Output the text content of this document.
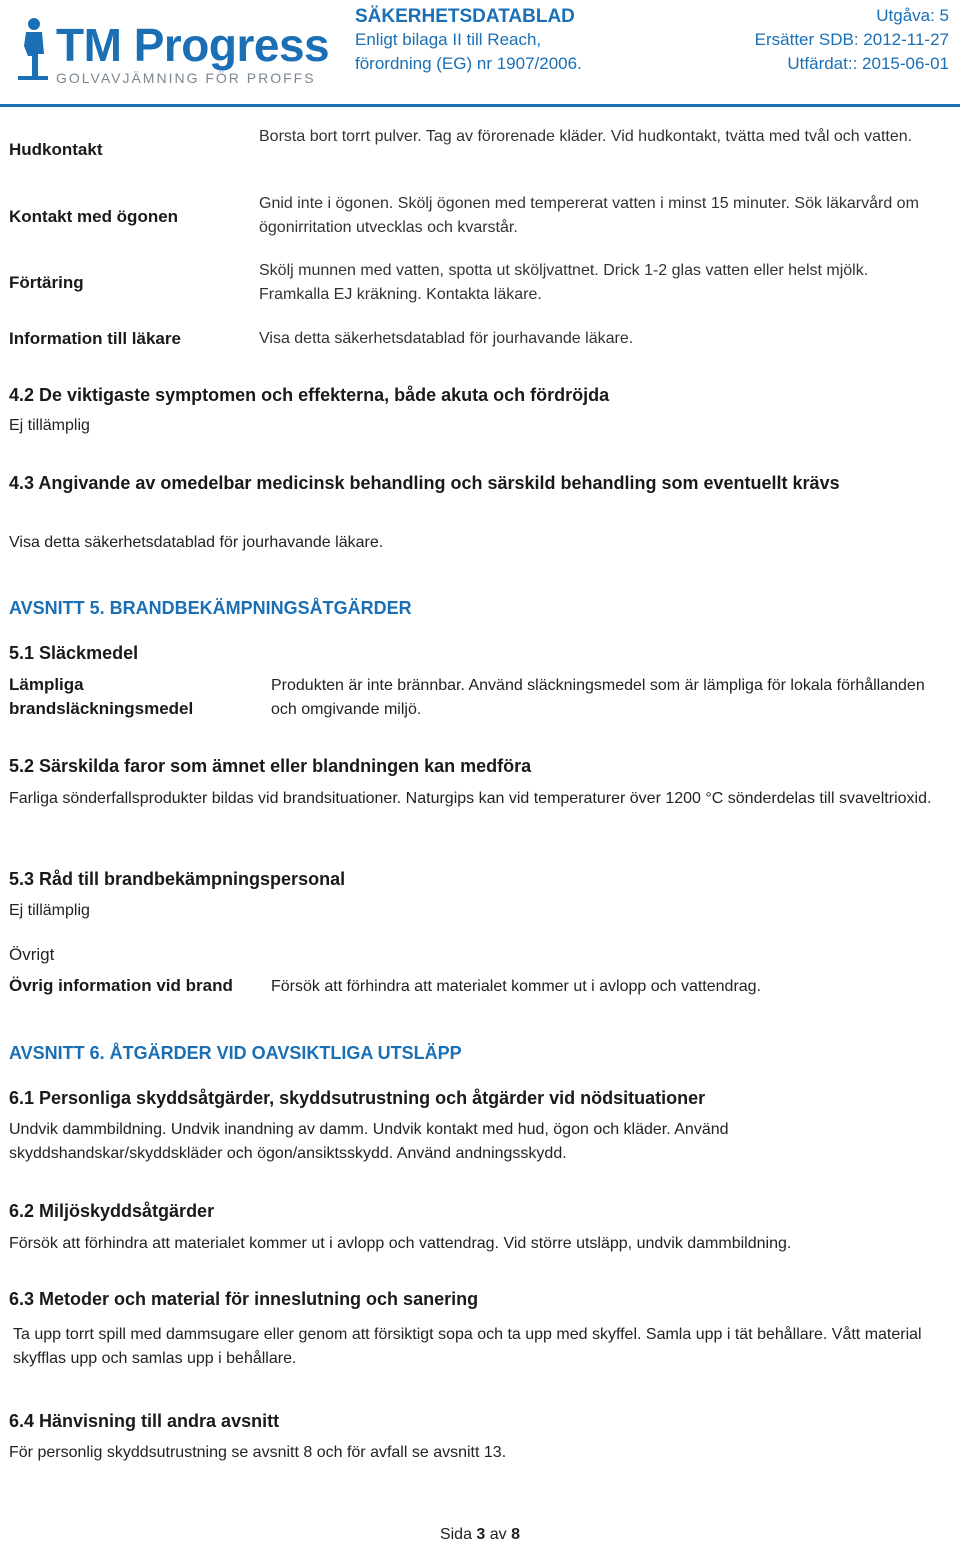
TM Progress
GOLVAVJÄMNING FÖR PROFFS
SÄKERHETSDATABLAD
Enligt bilaga II till Reach,
förordning (EG) nr 1907/2006.
Utgåva: 5
Ersätter SDB: 2012-11-27
Utfärdat:: 2015-06-01
Hudkontakt
Borsta bort torrt pulver. Tag av förorenade kläder. Vid hudkontakt, tvätta med tvål och vatten.
Kontakt med ögonen
Gnid inte i ögonen. Skölj ögonen med tempererat vatten i minst 15 minuter. Sök läkarvård om ögonirritation utvecklas och kvarstår.
Förtäring
Skölj munnen med vatten, spotta ut sköljvattnet. Drick 1-2 glas vatten eller helst mjölk. Framkalla EJ kräkning. Kontakta läkare.
Information till läkare	Visa detta säkerhetsdatablad för jourhavande läkare.
4.2 De viktigaste symptomen och effekterna, både akuta och fördröjda
Ej tillämplig
4.3 Angivande av omedelbar medicinsk behandling och särskild behandling som eventuellt krävs
Visa detta säkerhetsdatablad för jourhavande läkare.
AVSNITT 5. BRANDBEKÄMPNINGSÅTGÄRDER
5.1 Släckmedel
Lämpliga
brandsläckningsmedel
Produkten är inte brännbar. Använd släckningsmedel som är lämpliga för lokala förhållanden och omgivande miljö.
5.2 Särskilda faror som ämnet eller blandningen kan medföra
Farliga sönderfallsprodukter bildas vid brandsituationer. Naturgips kan vid temperaturer över 1200 °C sönderdelas till svaveltrioxid.
5.3 Råd till brandbekämpningspersonal
Ej tillämplig
Övrigt
Övrig information vid brand Försök att förhindra att materialet kommer ut i avlopp och vattendrag.
AVSNITT 6. ÅTGÄRDER VID OAVSIKTLIGA UTSLÄPP
6.1 Personliga skyddsåtgärder, skyddsutrustning och åtgärder vid nödsituationer
Undvik dammbildning. Undvik inandning av damm. Undvik kontakt med hud, ögon och kläder. Använd skyddshandskar/skyddskläder och ögon/ansiktsskydd. Använd andningsskydd.
6.2 Miljöskyddsåtgärder
Försök att förhindra att materialet kommer ut i avlopp och vattendrag. Vid större utsläpp, undvik dammbildning.
6.3 Metoder och material för inneslutning och sanering
Ta upp torrt spill med dammsugare eller genom att försiktigt sopa och ta upp med skyffel. Samla upp i tät behållare. Vått material skyfflas upp och samlas upp i behållare.
6.4 Hänvisning till andra avsnitt
För personlig skyddsutrustning se avsnitt 8 och för avfall se avsnitt 13.
Sida 3 av 8
